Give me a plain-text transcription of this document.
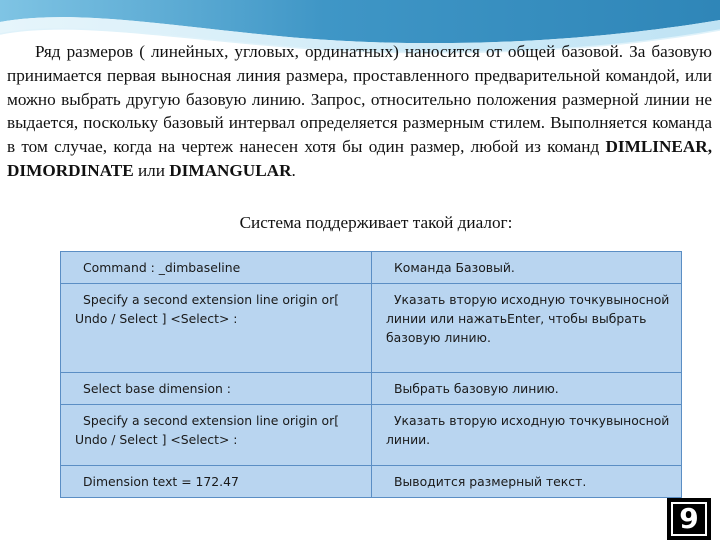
Ряд размеров ( линейных, угловых, ординатных) наносится от общей базовой. За базовую принимается первая выносная линия размера, проставленного предварительной командой, или можно выбрать другую базовую линию. Запрос, относительно положения размерной линии не выдается, поскольку базовый интервал определяется размерным стилем. Выполняется команда в том случае, когда на чертеж нанесен хотя бы один размер, любой из команд DIMLINEAR, DIMORDINATE или DIMANGULAR.

Система поддерживает такой диалог:
Command : _dimbaseline	Команда Базовый.
Specify a second extension line origin or[ Undo / Select ] <Select> :	Указать вторую исходную точкувыносной линии или нажатьEnter, чтобы выбрать базовую линию.
Select base dimension :	Выбрать базовую линию.
Specify a second extension line origin or[ Undo / Select ] <Select> :	Указать вторую исходную точкувыносной линии.
Dimension text = 172.47	Выводится размерный текст.
9
